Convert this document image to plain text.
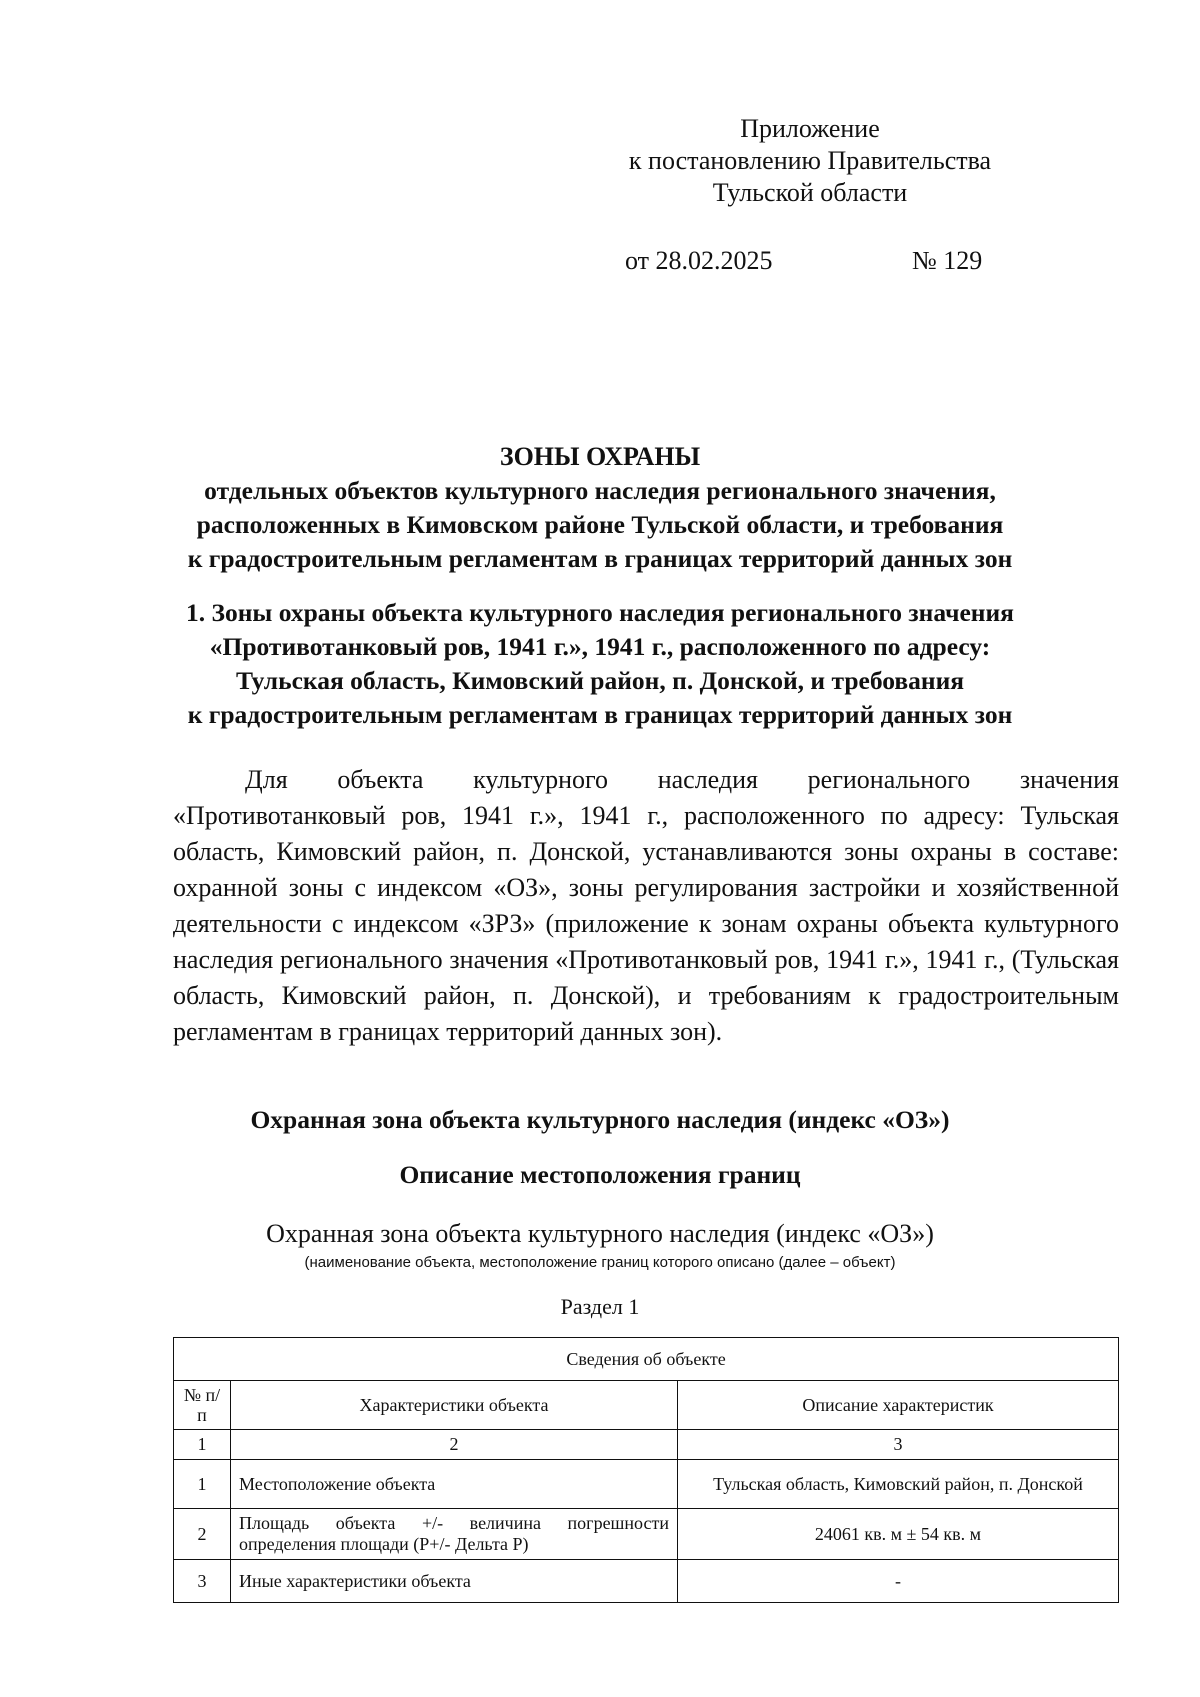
Приложение
к постановлению Правительства
Тульской области
от 28.02.2025	№ 129
ЗОНЫ ОХРАНЫ
отдельных объектов культурного наследия регионального значения,
расположенных в Кимовском районе Тульской области, и требования
к градостроительным регламентам в границах территорий данных зон
1. Зоны охраны объекта культурного наследия регионального значения
«Противотанковый ров, 1941 г.», 1941 г., расположенного по адресу:
Тульская область, Кимовский район, п. Донской, и требования
к градостроительным регламентам в границах территорий данных зон

Для объекта культурного наследия регионального значения «Противотанковый ров, 1941 г.», 1941 г., расположенного по адресу: Тульская область, Кимовский район, п. Донской, устанавливаются зоны охраны в составе: охранной зоны с индексом «ОЗ», зоны регулирования застройки и хозяйственной деятельности с индексом «ЗРЗ» (приложение к зонам охраны объекта культурного наследия регионального значения «Противотанковый ров, 1941 г.», 1941 г., (Тульская область, Кимовский район, п. Донской), и требованиям к градостроительным регламентам в границах территорий данных зон).

Охранная зона объекта культурного наследия (индекс «ОЗ»)
Описание местоположения границ
Охранная зона объекта культурного наследия (индекс «ОЗ»)
(наименование объекта, местоположение границ которого описано (далее – объект)
Раздел 1
Сведения об объекте		
№ п/п	Характеристики объекта	Описание характеристик
1	2	3
1	Местоположение объекта	Тульская область, Кимовский район, п. Донской
2	Площадь объекта +/- величина погрешности определения площади (Р+/- Дельта Р)	24061 кв. м ± 54 кв. м
3	Иные характеристики объекта	-
